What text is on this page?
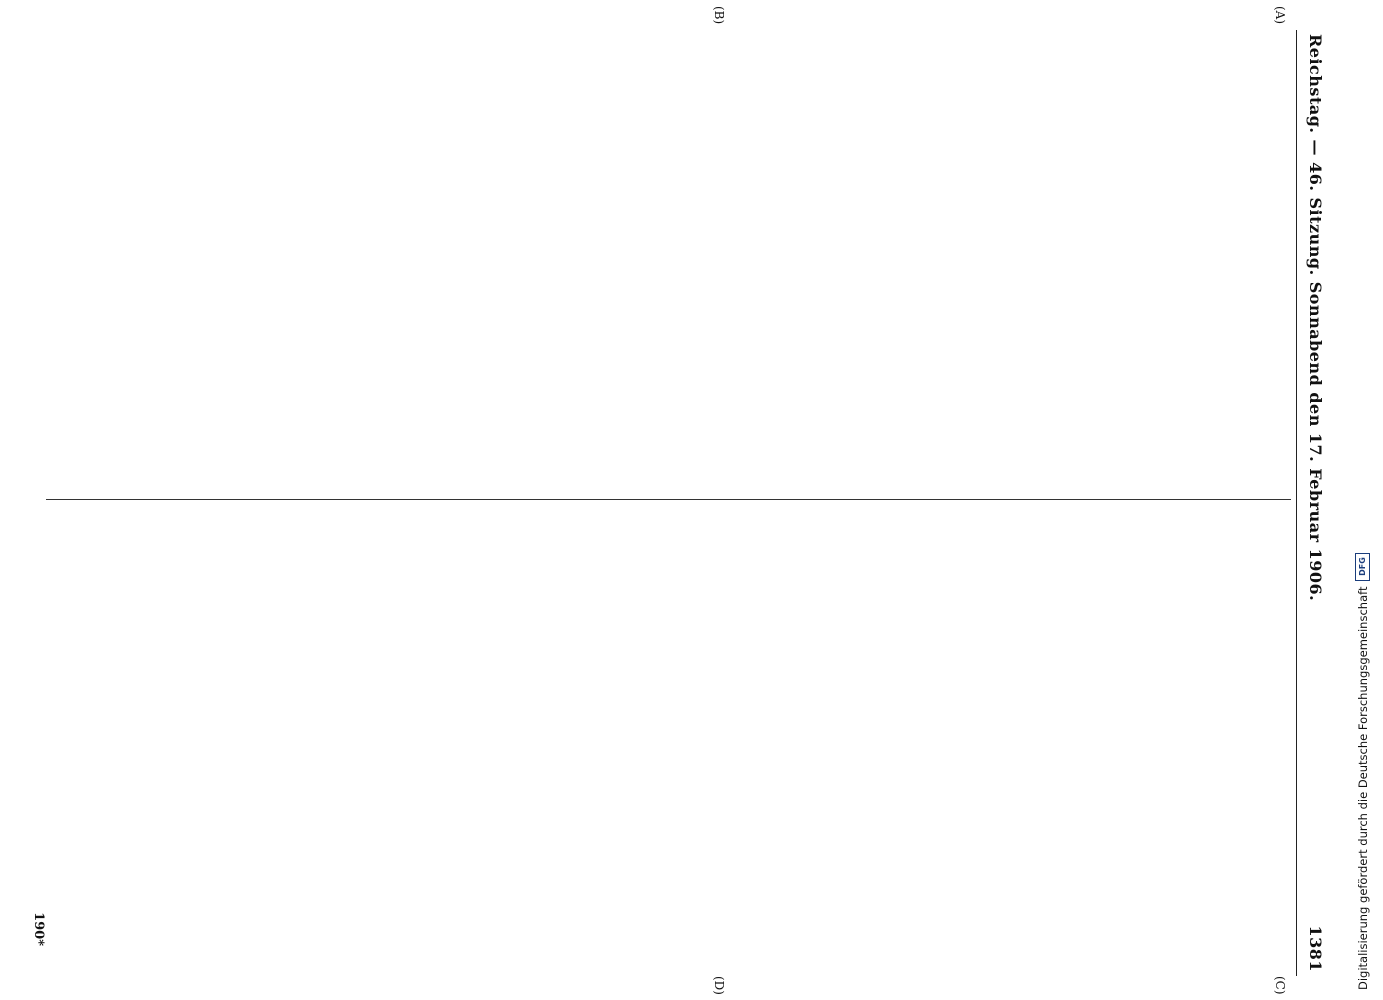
Reichstag. — 46. Sitzung. Sonnabend den 17. Februar 1906.
1381
(A)
(B)
(C)
(D)

190*	Digitalisierung gefördert durch die Deutsche Forschungsgemeinschaft
DFG
